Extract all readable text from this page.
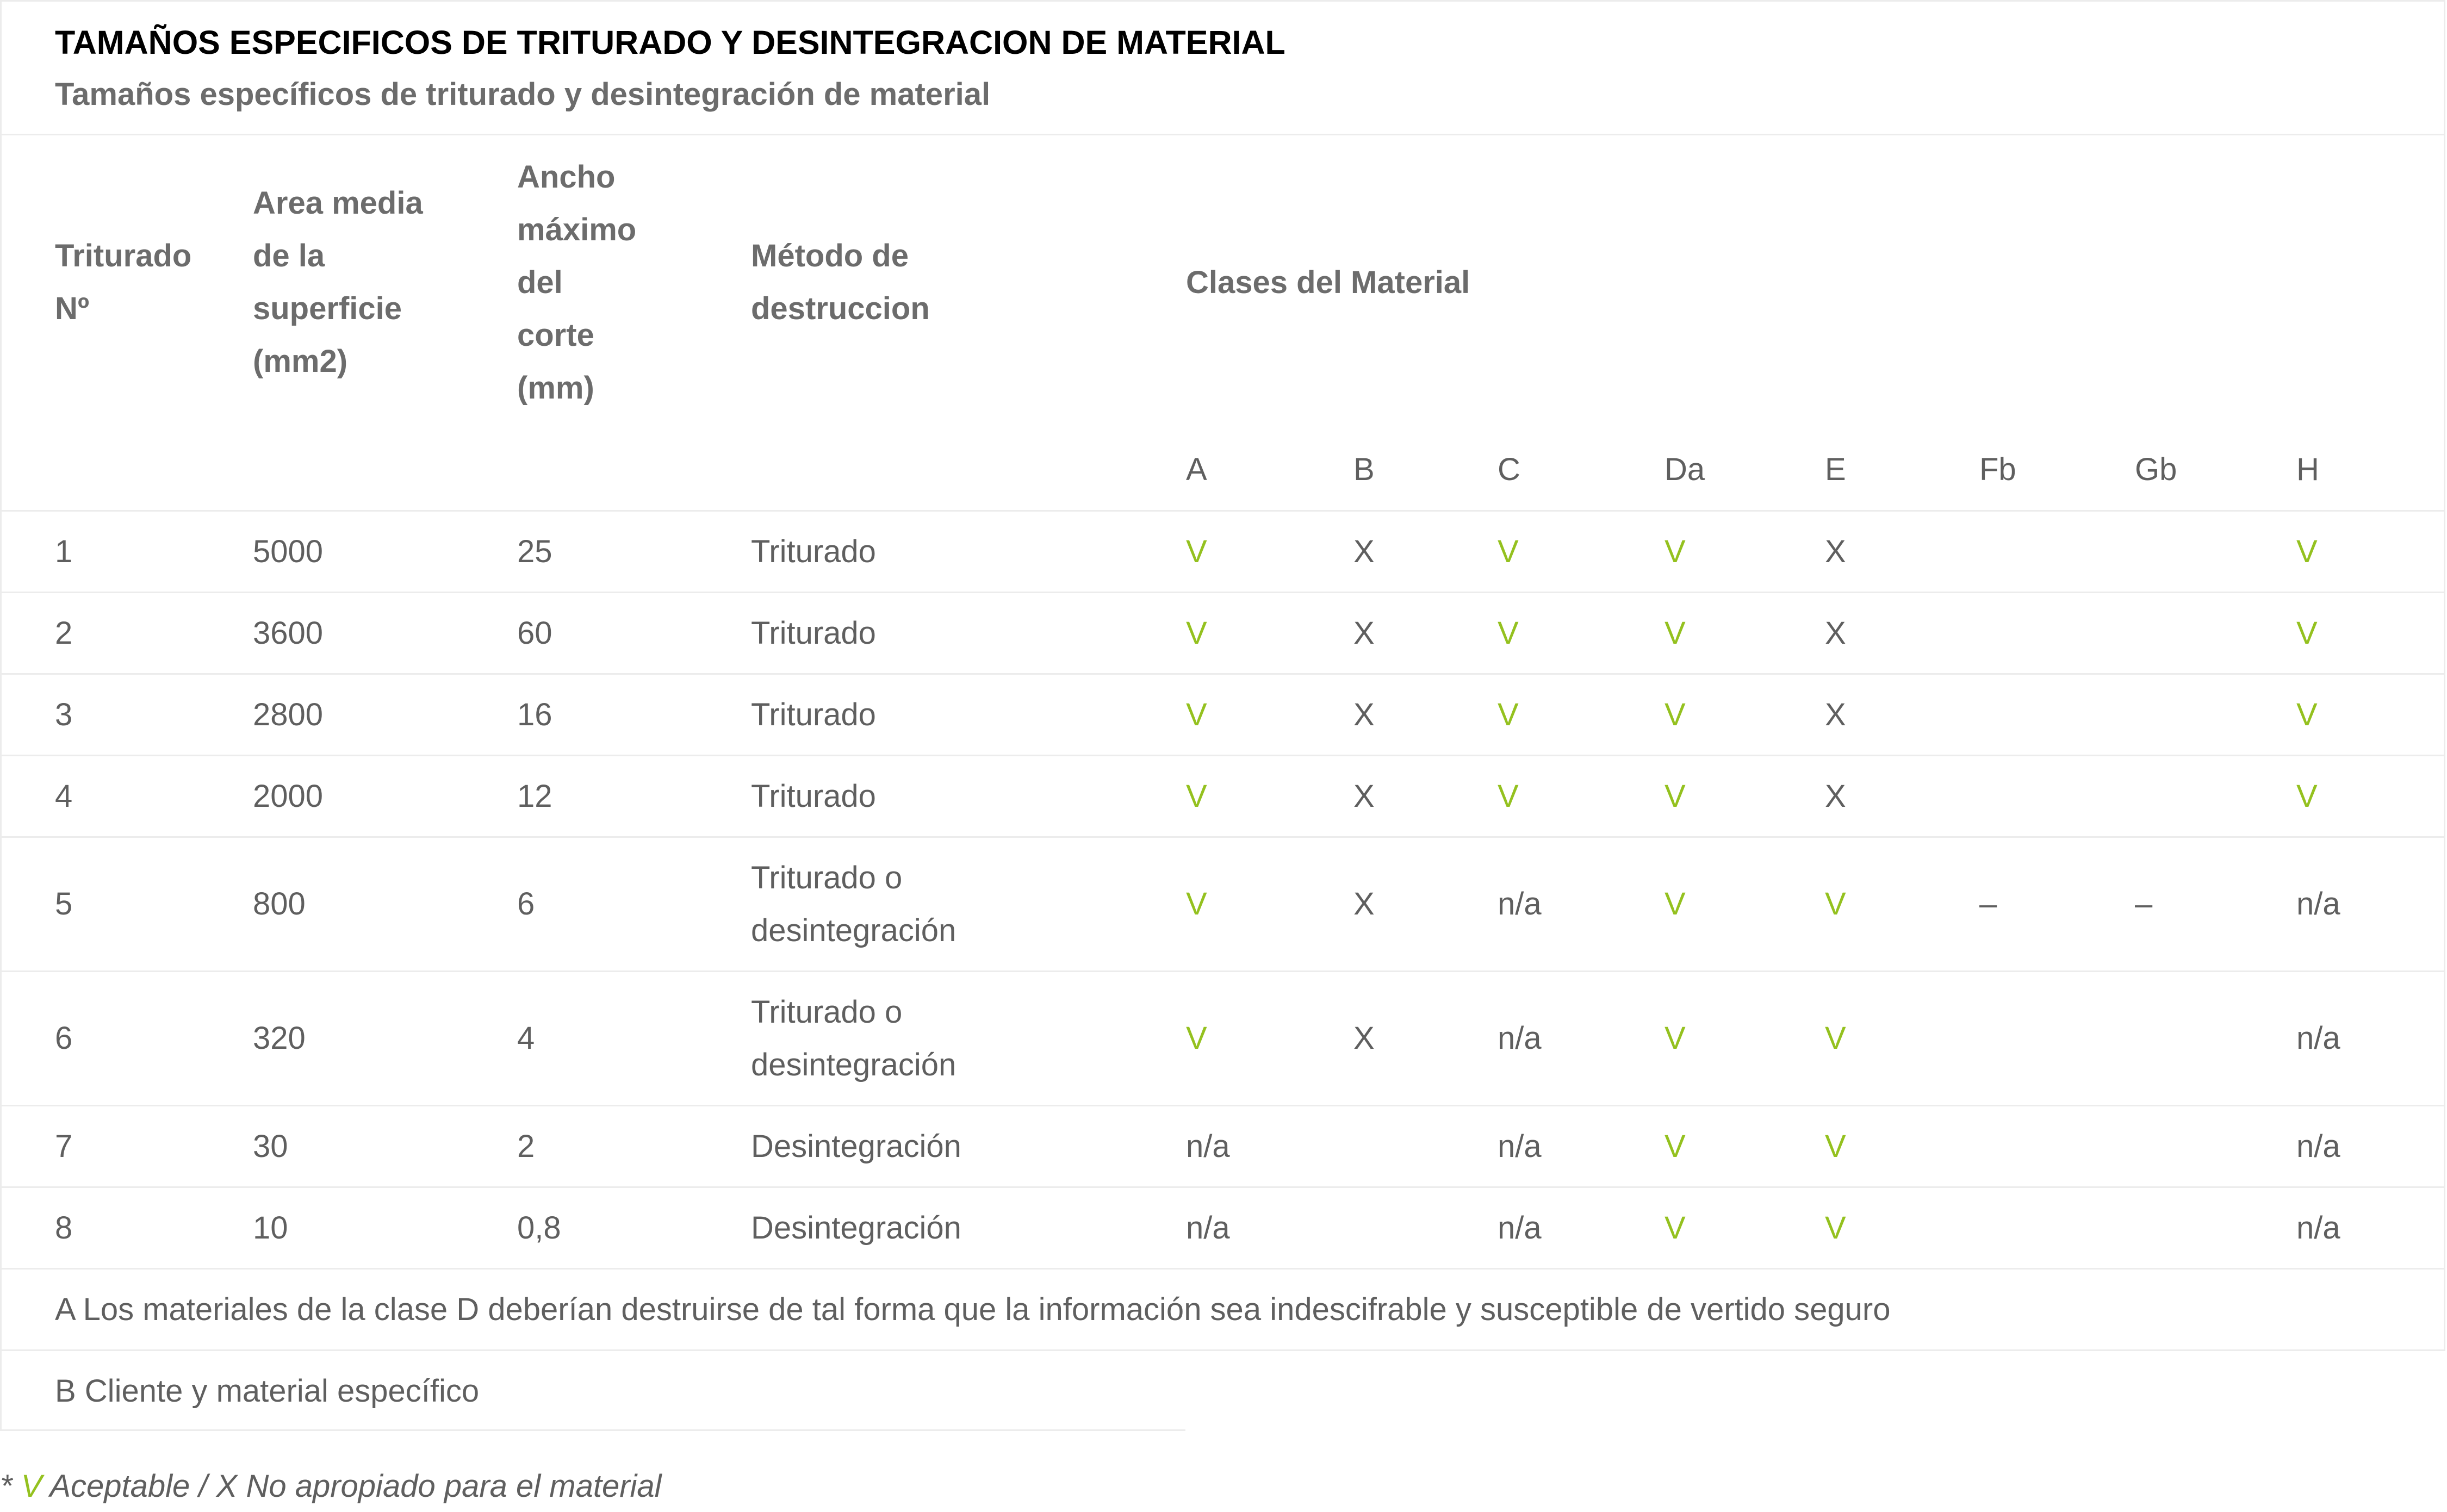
TAMAÑOS ESPECIFICOS DE TRITURADO Y DESINTEGRACION DE MATERIAL
Tamaños específicos de triturado y desintegración de material
Triturado Nº	Area media de la superficie (mm2)	Ancho máximo del corte (mm)	Método de destruccion	Clases del Material							
				A	B	C	Da	E	Fb	Gb	H
1	5000	25	Triturado	V	X	V	V	X			V
2	3600	60	Triturado	V	X	V	V	X			V
3	2800	16	Triturado	V	X	V	V	X			V
4	2000	12	Triturado	V	X	V	V	X			V
5	800	6	Triturado o desintegración	V	X	n/a	V	V	–	–	n/a
6	320	4	Triturado o desintegración	V	X	n/a	V	V			n/a
7	30	2	Desintegración	n/a		n/a	V	V			n/a
8	10	0,8	Desintegración	n/a		n/a	V	V			n/a
A Los materiales de la clase D deberían destruirse de tal forma que la información sea indescifrable y susceptible de vertido seguro											
B Cliente y material específico
* V Aceptable / X No apropiado para el material
